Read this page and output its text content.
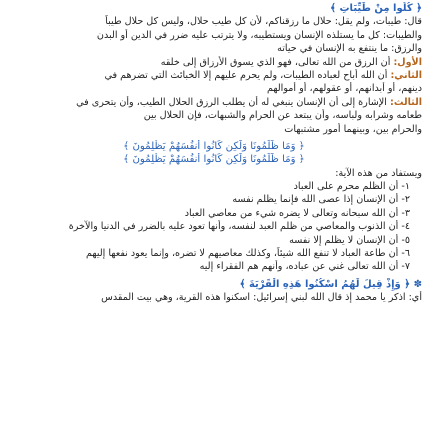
﴿ كُلُوا مِنْ طَيِّبَاتِ ﴾
قال: طيبات، ولم يقل: حلال ما رزقناكم، لأن كل طيب حلال، وليس كل حلال طيباً
والطيبات: كل ما يستلذه الإنسان ويستطيبه، ولا يترتب عليه ضرر في الدين أو البدن
والرزق: ما ينتفع به الإنسان في حياته
الأول: أن الرزق من الله تعالى، فهو الذي يسوق الأرزاق إلى خلقه
الثاني: أن الله أباح لعباده الطيبات، ولم يحرم عليهم إلا الخبائث التي تضرهم في
دينهم، أو أبدانهم، أو عقولهم، أو أموالهم
الثالث: الإشارة إلى أن الإنسان ينبغي له أن يطلب الرزق الحلال الطيب، وأن يتحرى في
طعامه وشرابه ولباسه، وأن يبتعد عن الحرام والشبهات، فإن الحلال بين
والحرام بين، وبينهما أمور مشتبهات
﴿ وَمَا ظَلَمُونَا وَلَكِن كَانُوا أَنفُسَهُمْ يَظْلِمُونَ ﴾
﴿ وَمَا ظَلَمُونَا وَلَكِن كَانُوا أَنفُسَهُمْ يَظْلِمُونَ ﴾
ويستفاد من هذه الآية:
١- أن الظلم محرم على العباد
٢- أن الإنسان إذا عصى الله فإنما يظلم نفسه
٣- أن الله سبحانه وتعالى لا يضره شيء من معاصي العباد
٤- أن الذنوب والمعاصي من ظلم العبد لنفسه، وأنها تعود عليه بالضرر في الدنيا والآخرة
٥- أن الإنسان لا يظلم إلا نفسه
٦- أن طاعة العباد لا تنفع الله شيئاً، وكذلك معاصيهم لا تضره، وإنما يعود نفعها إليهم
٧- أن الله تعالى غني عن عباده، وأنهم هم الفقراء إليه
✽ ﴿ وَإِذْ قِيلَ لَهُمُ اسْكُنُوا هَذِهِ الْقَرْيَةَ ﴾
أي: اذكر يا محمد إذ قال الله لبني إسرائيل: اسكنوا هذه القرية، وهي بيت المقدس
